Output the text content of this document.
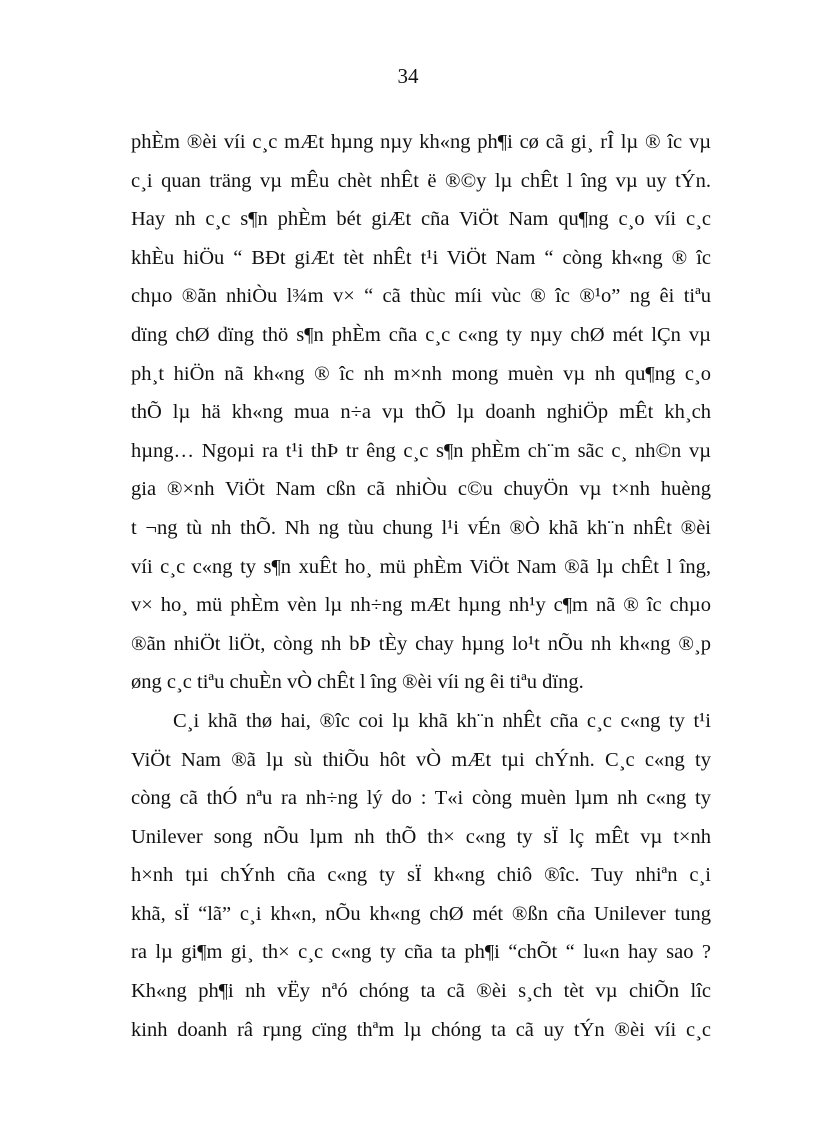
34
phÈm ®èi víi c¸c mÆt hµng nµy kh«ng ph¶i cø cã gi¸ rÎ lµ ® îc vµ
c¸i quan träng vµ mÊu chèt nhÊt ë ®©y lµ chÊt l îng vµ uy tÝn.
Hay nh c¸c s¶n phÈm bét giÆt cña ViÖt Nam qu¶ng c¸o víi c¸c
khÈu hiÖu “ BÐt giÆt tèt nhÊt t¹i ViÖt Nam “ còng kh«ng ® îc
chµo ®ãn nhiÒu l¾m v× “ cã thùc míi vùc ® îc ®¹o” ng êi tiªu
dïng chØ dïng thö s¶n phÈm cña c¸c c«ng ty nµy chØ mét lÇn vµ
ph¸t hiÖn nã kh«ng ® îc nh m×nh mong muèn vµ nh qu¶ng c¸o
thÕ lµ hä kh«ng mua n÷a vµ thÕ lµ doanh nghiÖp mÊt kh¸ch
hµng… Ngoµi ra t¹i thÞ tr êng c¸c s¶n phÈm ch¨m sãc c¸ nh©n vµ
gia ®×nh ViÖt Nam cßn cã nhiÒu c©u chuyÖn vµ t×nh huèng
t ¬ng tù nh thÕ. Nh ng tùu chung l¹i vÉn ®Ò khã kh¨n nhÊt ®èi
víi c¸c c«ng ty s¶n xuÊt ho¸ mü phÈm ViÖt Nam ®ã lµ chÊt l îng,
v× ho¸ mü phÈm vèn lµ nh÷ng mÆt hµng nh¹y c¶m nã ® îc chµo
®ãn nhiÖt liÖt, còng nh bÞ tÈy chay hµng lo¹t nÕu nh kh«ng ®¸p
øng c¸c tiªu chuÈn vÒ chÊt l îng ®èi víi ng êi tiªu dïng.
C¸i khã thø hai, ®îc coi lµ khã kh¨n nhÊt cña c¸c c«ng ty t¹i
ViÖt Nam ®ã lµ sù thiÕu hôt vÒ mÆt tµi chÝnh. C¸c c«ng ty
còng cã thÓ nªu ra nh÷ng lý do : T«i còng muèn lµm nh c«ng ty
Unilever song nÕu lµm nh thÕ th× c«ng ty sÏ lç mÊt vµ t×nh
h×nh tµi chÝnh cña c«ng ty sÏ kh«ng chiô ®îc. Tuy nhiªn c¸i
khã, sÏ “lã” c¸i kh«n, nÕu kh«ng chØ mét ®ßn cña Unilever tung
ra lµ gi¶m gi¸ th× c¸c c«ng ty cña ta ph¶i “chÕt “ lu«n hay sao ?
Kh«ng ph¶i nh vËy nªó chóng ta cã ®èi s¸ch tèt vµ chiÕn lîc
kinh doanh râ rµng cïng thªm lµ chóng ta cã uy tÝn ®èi víi c¸c
